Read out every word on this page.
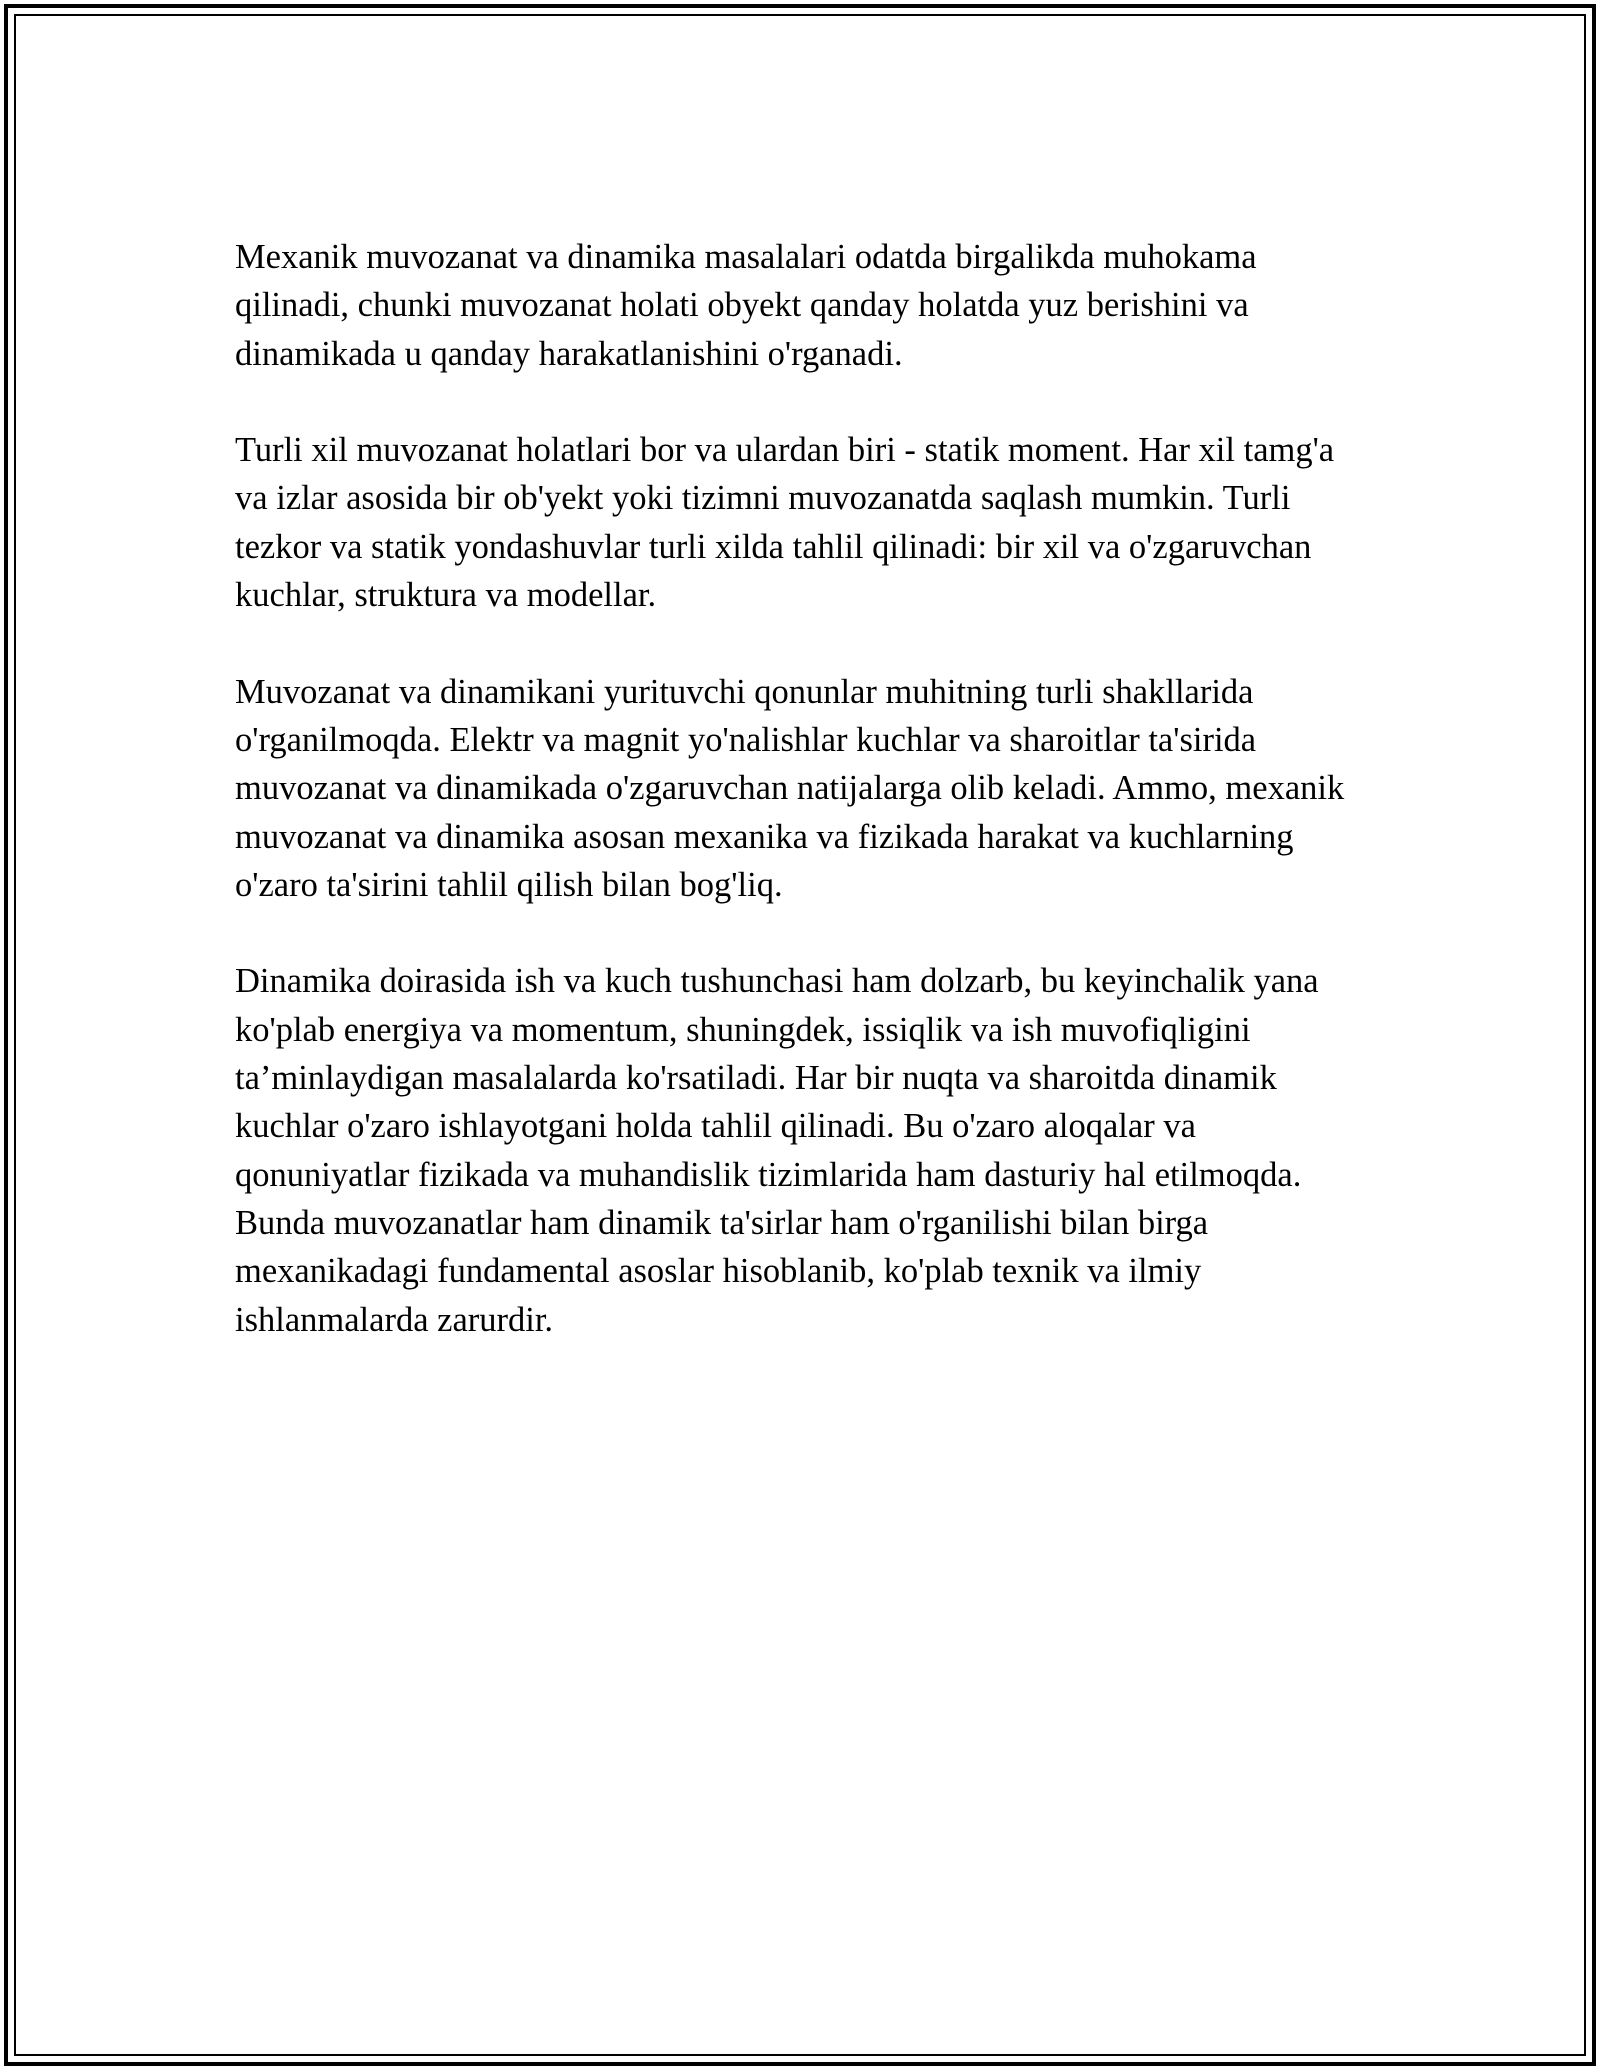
Mexanik muvozanat va dinamika masalalari odatda birgalikda muhokama qilinadi, chunki muvozanat holati obyekt qanday holatda yuz berishini va dinamikada u qanday harakatlanishini o'rganadi.

Turli xil muvozanat holatlari bor va ulardan biri - statik moment. Har xil tamg'a va izlar asosida bir ob'yekt yoki tizimni muvozanatda saqlash mumkin. Turli tezkor va statik yondashuvlar turli xilda tahlil qilinadi: bir xil va o'zgaruvchan kuchlar, struktura va modellar.

Muvozanat va dinamikani yurituvchi qonunlar muhitning turli shakllarida o'rganilmoqda. Elektr va magnit yo'nalishlar kuchlar va sharoitlar ta'sirida muvozanat va dinamikada o'zgaruvchan natijalarga olib keladi. Ammo, mexanik muvozanat va dinamika asosan mexanika va fizikada harakat va kuchlarning o'zaro ta'sirini tahlil qilish bilan bog'liq.

Dinamika doirasida ish va kuch tushunchasi ham dolzarb, bu keyinchalik yana ko'plab energiya va momentum, shuningdek, issiqlik va ish muvofiqligini ta’minlaydigan masalalarda ko'rsatiladi. Har bir nuqta va sharoitda dinamik kuchlar o'zaro ishlayotgani holda tahlil qilinadi. Bu o'zaro aloqalar va qonuniyatlar fizikada va muhandislik tizimlarida ham dasturiy hal etilmoqda. Bunda muvozanatlar ham dinamik ta'sirlar ham o'rganilishi bilan birga mexanikadagi fundamental asoslar hisoblanib, ko'plab texnik va ilmiy ishlanmalarda zarurdir.
